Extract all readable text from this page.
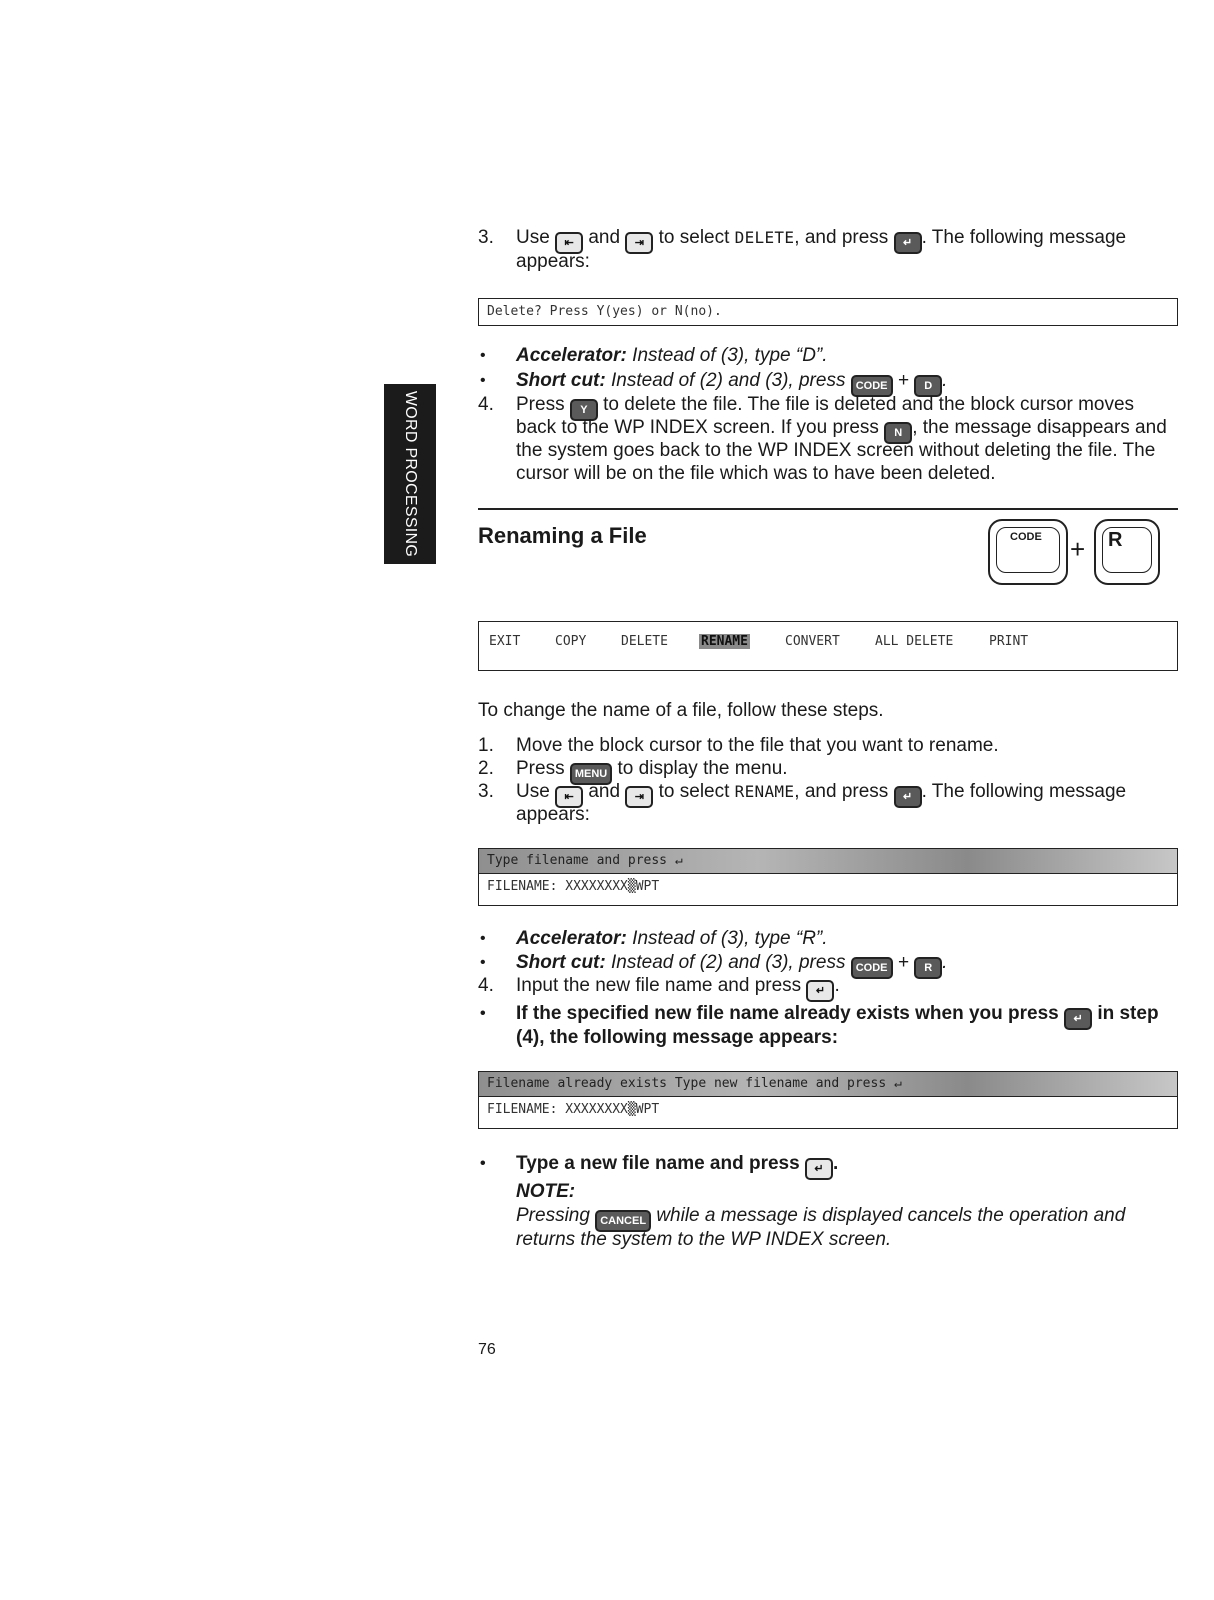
WORD PROCESSING
3.	Use ⇤ and ⇥ to select DELETE, and press ↵ . The following message
appears:
Delete? Press Y(yes) or N(no).
• Accelerator: Instead of (3), type “D”.
• Short cut: Instead of (2) and (3), press CODE + D .
4.	Press Y to delete the file. The file is deleted and the block cursor moves
back to the WP INDEX screen. If you press N , the message disappears and
the system goes back to the WP INDEX screen without deleting the file. The
cursor will be on the file which was to have been deleted.
Renaming a File	CODE + R
EXIT	COPY	DELETE	RENAME	CONVERT	ALL DELETE	PRINT
To change the name of a file, follow these steps.
1.	Move the block cursor to the file that you want to rename.
2.	Press MENU to display the menu.
3.	Use ⇤ and ⇥ to select RENAME, and press ↵ . The following message
appears:
Type filename and press ↵
FILENAME: XXXXXXXX▒WPT
• Accelerator: Instead of (3), type “R”.
• Short cut: Instead of (2) and (3), press CODE + R .
4.	Input the new file name and press ↵ .
• If the specified new file name already exists when you press ↵ in step
(4), the following message appears:
Filename already exists Type new filename and press ↵
FILENAME: XXXXXXXX▒WPT
• Type a new file name and press ↵ .
NOTE:
Pressing CANCEL while a message is displayed cancels the operation and
returns the system to the WP INDEX screen.
76
